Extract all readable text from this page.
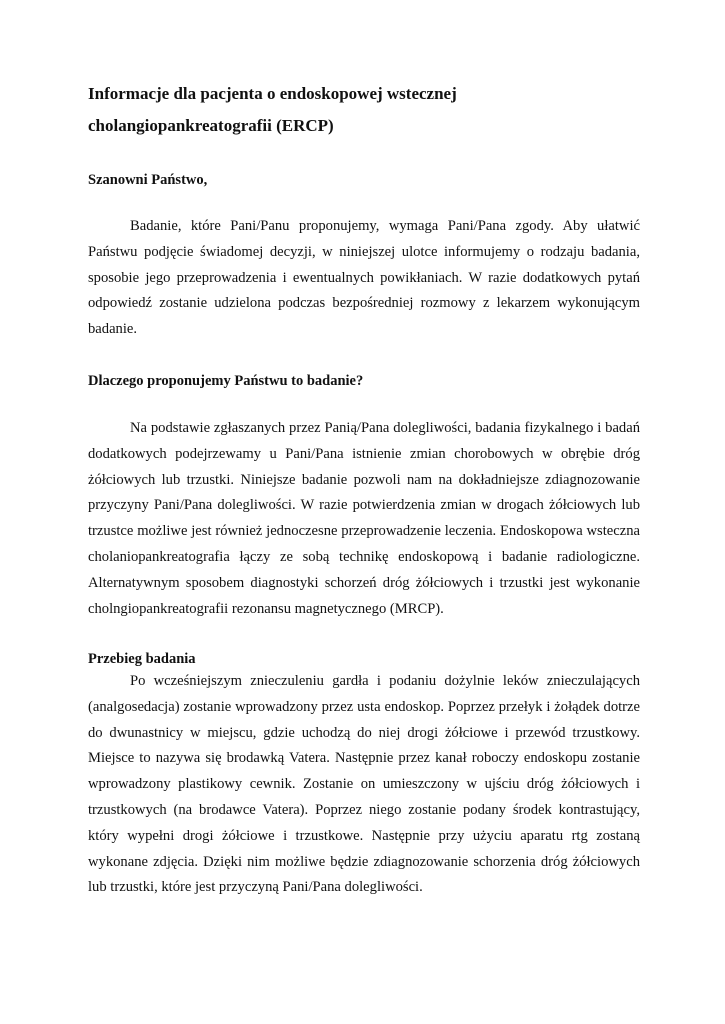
Informacje dla pacjenta o endoskopowej wstecznej
cholangiopankreatografii (ERCP)

Szanowni Państwo,

Badanie, które Pani/Panu proponujemy, wymaga Pani/Pana zgody. Aby ułatwić Państwu podjęcie świadomej decyzji, w niniejszej ulotce informujemy o rodzaju badania, sposobie jego przeprowadzenia i ewentualnych powikłaniach. W razie dodatkowych pytań odpowiedź zostanie udzielona podczas bezpośredniej rozmowy z lekarzem wykonującym badanie.

Dlaczego proponujemy Państwu to badanie?

Na podstawie zgłaszanych przez Panią/Pana dolegliwości, badania fizykalnego i badań dodatkowych podejrzewamy u Pani/Pana istnienie zmian chorobowych w obrębie dróg żółciowych lub trzustki. Niniejsze badanie pozwoli nam na dokładniejsze zdiagnozowanie przyczyny Pani/Pana dolegliwości. W razie potwierdzenia zmian w drogach żółciowych lub trzustce możliwe jest również jednoczesne przeprowadzenie leczenia. Endoskopowa wsteczna cholaniopankreatografia łączy ze sobą technikę endoskopową i badanie radiologiczne. Alternatywnym sposobem diagnostyki schorzeń dróg żółciowych i trzustki jest wykonanie cholngiopankreatografii rezonansu magnetycznego (MRCP).

Przebieg badania

Po wcześniejszym znieczuleniu gardła i podaniu dożylnie leków znieczulających (analgosedacja) zostanie wprowadzony przez usta endoskop. Poprzez przełyk i żołądek dotrze do dwunastnicy w miejscu, gdzie uchodzą do niej drogi żółciowe i przewód trzustkowy. Miejsce to nazywa się brodawką Vatera. Następnie przez kanał roboczy endoskopu zostanie wprowadzony plastikowy cewnik. Zostanie on umieszczony w ujściu dróg żółciowych i trzustkowych (na brodawce Vatera). Poprzez niego zostanie podany środek kontrastujący, który wypełni drogi żółciowe i trzustkowe. Następnie przy użyciu aparatu rtg zostaną wykonane zdjęcia. Dzięki nim możliwe będzie zdiagnozowanie schorzenia dróg żółciowych lub trzustki, które jest przyczyną Pani/Pana dolegliwości.
